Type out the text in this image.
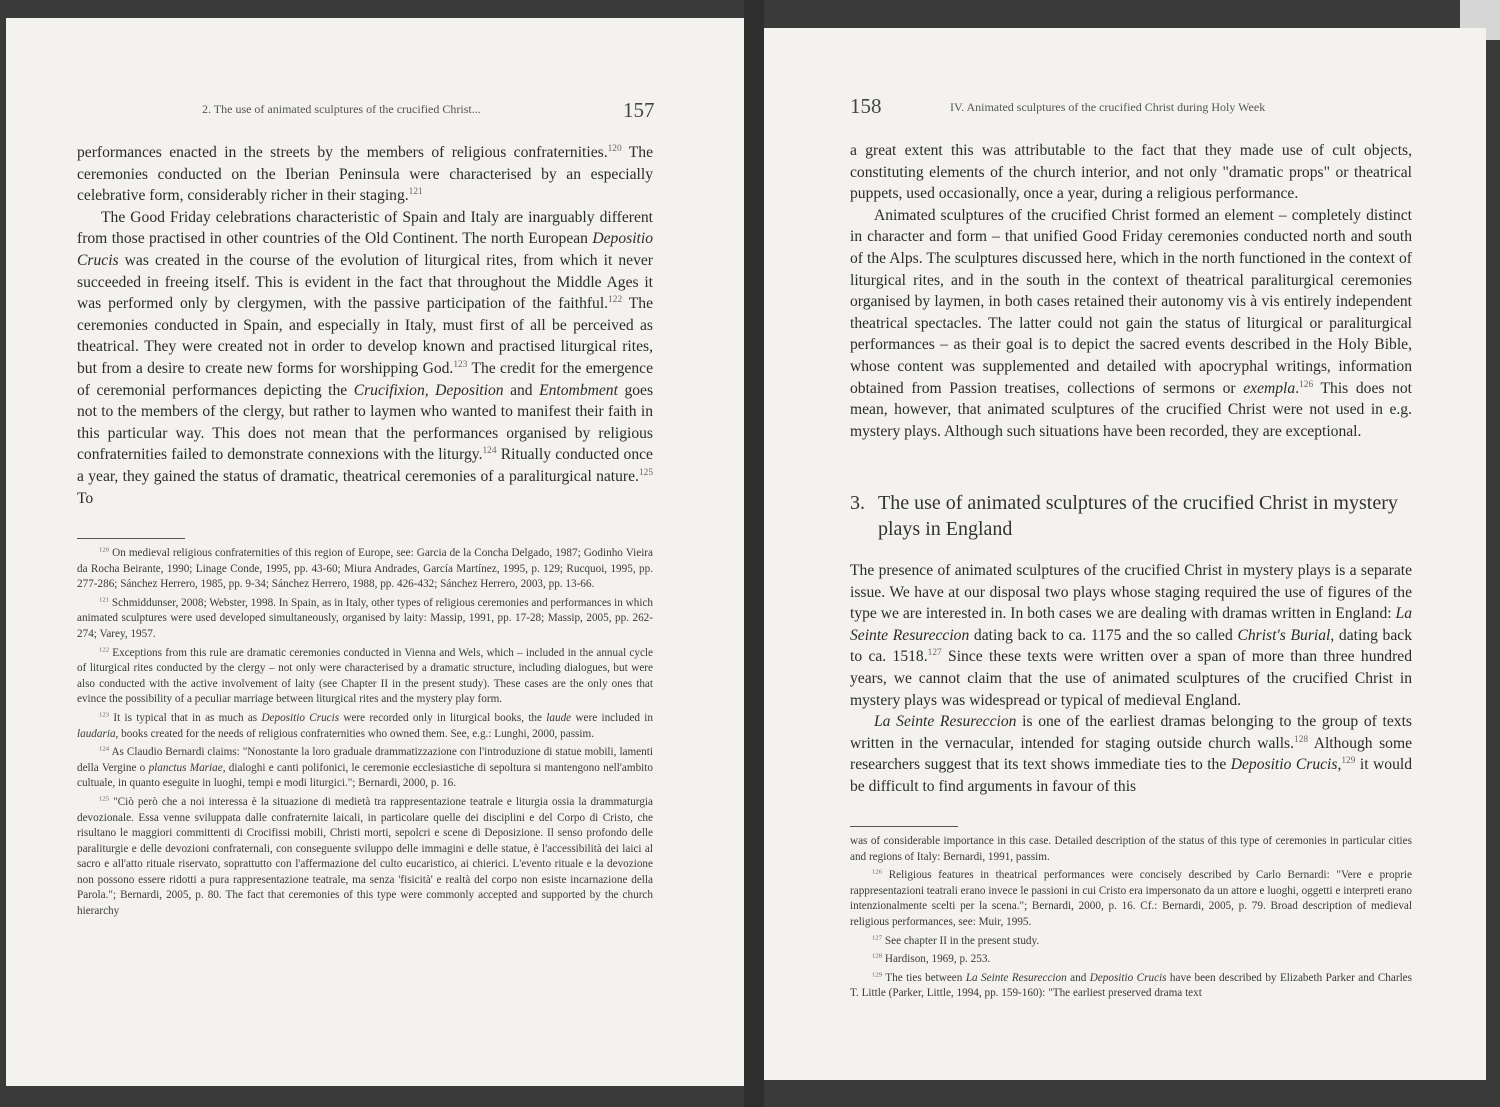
2. The use of animated sculptures of the crucified Christ...	157

performances enacted in the streets by the members of religious confraternities.$^{120}$ The ceremonies conducted on the Iberian Peninsula were characterised by an especially celebrative form, considerably richer in their staging.$^{121}$

The Good Friday celebrations characteristic of Spain and Italy are inarguably different from those practised in other countries of the Old Continent. The north European Depositio Crucis was created in the course of the evolution of liturgical rites, from which it never succeeded in freeing itself. This is evident in the fact that throughout the Middle Ages it was performed only by clergymen, with the passive participation of the faithful.$^{122}$ The ceremonies conducted in Spain, and especially in Italy, must first of all be perceived as theatrical. They were created not in order to develop known and practised liturgical rites, but from a desire to create new forms for worshipping God.$^{123}$ The credit for the emergence of ceremonial performances depicting the Crucifixion, Deposition and Entombment goes not to the members of the clergy, but rather to laymen who wanted to manifest their faith in this particular way. This does not mean that the performances organised by religious confraternities failed to demonstrate connexions with the liturgy.$^{124}$ Ritually conducted once a year, they gained the status of dramatic, theatrical ceremonies of a paraliturgical nature.$^{125}$ To

$^{120}$ On medieval religious confraternities of this region of Europe, see: Garcia de la Concha Delgado, 1987; Godinho Vieira da Rocha Beirante, 1990; Linage Conde, 1995, pp. 43-60; Miura Andrades, García Martínez, 1995, p. 129; Rucquoi, 1995, pp. 277-286; Sánchez Herrero, 1985, pp. 9-34; Sánchez Herrero, 1988, pp. 426-432; Sánchez Herrero, 2003, pp. 13-66.

$^{121}$ Schmiddunser, 2008; Webster, 1998. In Spain, as in Italy, other types of religious ceremonies and performances in which animated sculptures were used developed simultaneously, organised by laity: Massip, 1991, pp. 17-28; Massip, 2005, pp. 262-274; Varey, 1957.

$^{122}$ Exceptions from this rule are dramatic ceremonies conducted in Vienna and Wels, which – included in the annual cycle of liturgical rites conducted by the clergy – not only were characterised by a dramatic structure, including dialogues, but were also conducted with the active involvement of laity (see Chapter II in the present study). These cases are the only ones that evince the possibility of a peculiar marriage between liturgical rites and the mystery play form.

$^{123}$ It is typical that in as much as Depositio Crucis were recorded only in liturgical books, the laude were included in laudaria, books created for the needs of religious confraternities who owned them. See, e.g.: Lunghi, 2000, passim.

$^{124}$ As Claudio Bernardi claims: "Nonostante la loro graduale drammatizzazione con l'introduzione di statue mobili, lamenti della Vergine o planctus Mariae, dialoghi e canti polifonici, le ceremonie ecclesiastiche di sepoltura si mantengono nell'ambito cultuale, in quanto eseguite in luoghi, tempi e modi liturgici."; Bernardi, 2000, p. 16.

$^{125}$ "Ciò però che a noi interessa è la situazione di medietà tra rappresentazione teatrale e liturgia ossia la drammaturgia devozionale. Essa venne sviluppata dalle confraternite laicali, in particolare quelle dei disciplini e del Corpo di Cristo, che risultano le maggiori committenti di Crocifissi mobili, Christi morti, sepolcri e scene di Deposizione. Il senso profondo delle paraliturgie e delle devozioni confraternali, con conseguente sviluppo delle immagini e delle statue, è l'accessibilità dei laici al sacro e all'atto rituale riservato, soprattutto con l'affermazione del culto eucaristico, ai chierici. L'evento rituale e la devozione non possono essere ridotti a pura rappresentazione teatrale, ma senza 'fisicità' e realtà del corpo non esiste incarnazione della Parola."; Bernardi, 2005, p. 80. The fact that ceremonies of this type were commonly accepted and supported by the church hierarchy

158	IV. Animated sculptures of the crucified Christ during Holy Week

a great extent this was attributable to the fact that they made use of cult objects, constituting elements of the church interior, and not only "dramatic props" or theatrical puppets, used occasionally, once a year, during a religious performance.

Animated sculptures of the crucified Christ formed an element – completely distinct in character and form – that unified Good Friday ceremonies conducted north and south of the Alps. The sculptures discussed here, which in the north functioned in the context of liturgical rites, and in the south in the context of theatrical paraliturgical ceremonies organised by laymen, in both cases retained their autonomy vis à vis entirely independent theatrical spectacles. The latter could not gain the status of liturgical or paraliturgical performances – as their goal is to depict the sacred events described in the Holy Bible, whose content was supplemented and detailed with apocryphal writings, information obtained from Passion treatises, collections of sermons or exempla.$^{126}$ This does not mean, however, that animated sculptures of the crucified Christ were not used in e.g. mystery plays. Although such situations have been recorded, they are exceptional.

3. The use of animated sculptures of the crucified Christ in mystery
plays in England

The presence of animated sculptures of the crucified Christ in mystery plays is a separate issue. We have at our disposal two plays whose staging required the use of figures of the type we are interested in. In both cases we are dealing with dramas written in England: La Seinte Resureccion dating back to ca. 1175 and the so called Christ's Burial, dating back to ca. 1518.$^{127}$ Since these texts were written over a span of more than three hundred years, we cannot claim that the use of animated sculptures of the crucified Christ in mystery plays was widespread or typical of medieval England.

La Seinte Resureccion is one of the earliest dramas belonging to the group of texts written in the vernacular, intended for staging outside church walls.$^{128}$ Although some researchers suggest that its text shows immediate ties to the Depositio Crucis,$^{129}$ it would be difficult to find arguments in favour of this

was of considerable importance in this case. Detailed description of the status of this type of ceremonies in particular cities and regions of Italy: Bernardi, 1991, passim.

$^{126}$ Religious features in theatrical performances were concisely described by Carlo Bernardi: "Vere e proprie rappresentazioni teatrali erano invece le passioni in cui Cristo era impersonato da un attore e luoghi, oggetti e interpreti erano intenzionalmente scelti per la scena."; Bernardi, 2000, p. 16. Cf.: Bernardi, 2005, p. 79. Broad description of medieval religious performances, see: Muir, 1995.

$^{127}$ See chapter II in the present study.

$^{128}$ Hardison, 1969, p. 253.

$^{129}$ The ties between La Seinte Resureccion and Depositio Crucis have been described by Elizabeth Parker and Charles T. Little (Parker, Little, 1994, pp. 159-160): "The earliest preserved drama text
